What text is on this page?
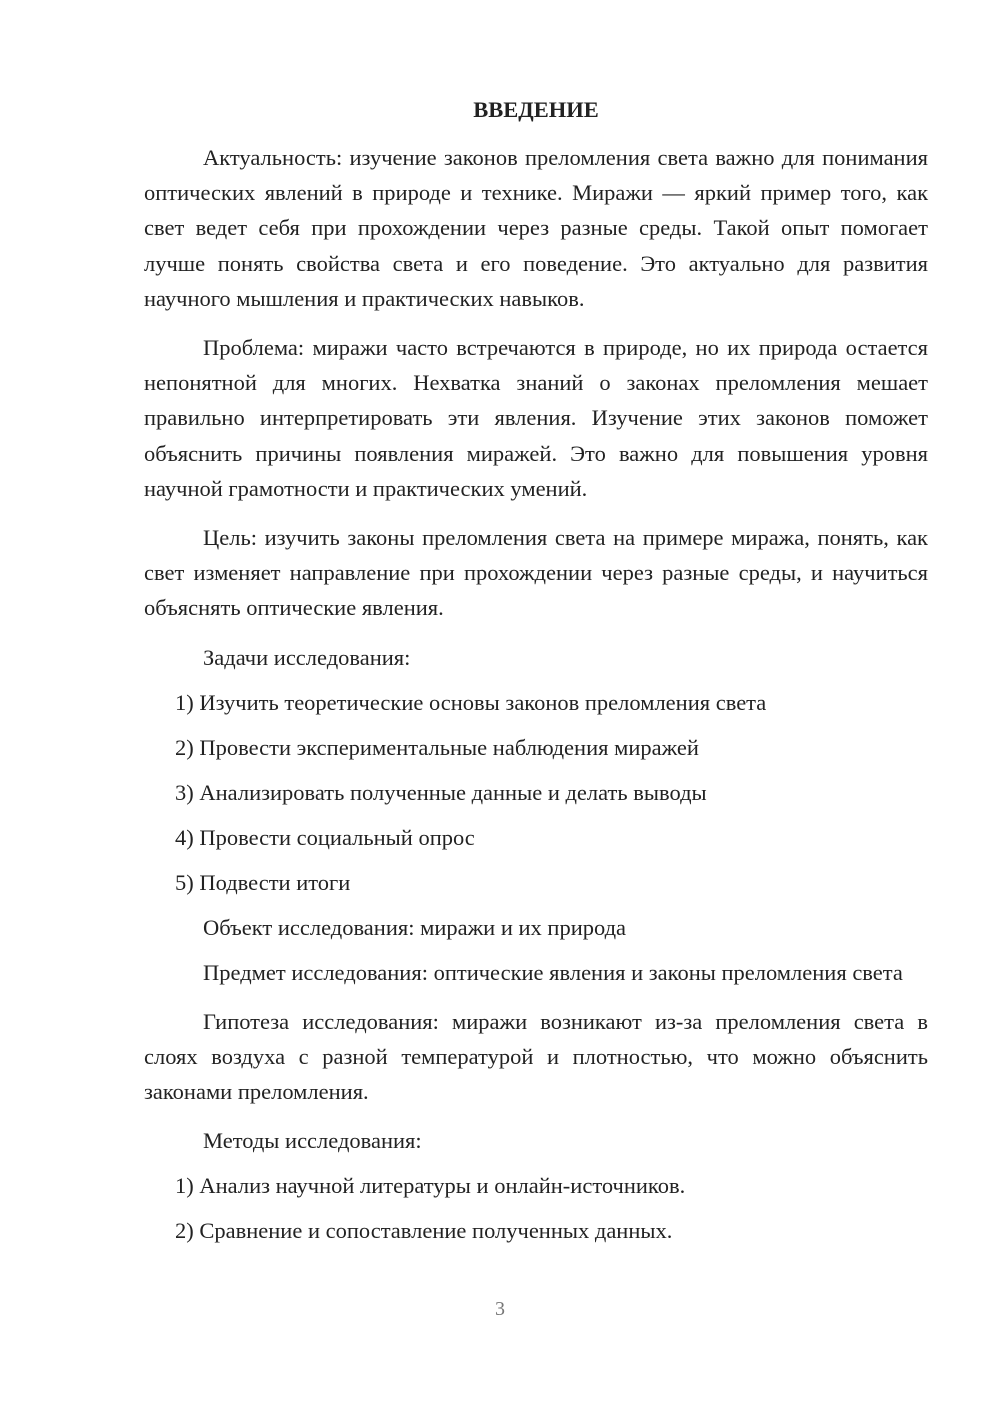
ВВЕДЕНИЕ

Актуальность: изучение законов преломления света важно для понимания оптических явлений в природе и технике. Миражи — яркий пример того, как свет ведет себя при прохождении через разные среды. Такой опыт помогает лучше понять свойства света и его поведение. Это актуально для развития научного мышления и практических навыков.

Проблема: миражи часто встречаются в природе, но их природа остается непонятной для многих. Нехватка знаний о законах преломления мешает правильно интерпретировать эти явления. Изучение этих законов поможет объяснить причины появления миражей. Это важно для повышения уровня научной грамотности и практических умений.

Цель: изучить законы преломления света на примере миража, понять, как свет изменяет направление при прохождении через разные среды, и научиться объяснять оптические явления.

Задачи исследования:

1) Изучить теоретические основы законов преломления света

2) Провести экспериментальные наблюдения миражей

3) Анализировать полученные данные и делать выводы

4) Провести социальный опрос

5) Подвести итоги

Объект исследования: миражи и их природа

Предмет исследования: оптические явления и законы преломления света

Гипотеза исследования: миражи возникают из-за преломления света в слоях воздуха с разной температурой и плотностью, что можно объяснить законами преломления.

Методы исследования:

1) Анализ научной литературы и онлайн-источников.

2) Сравнение и сопоставление полученных данных.

3
